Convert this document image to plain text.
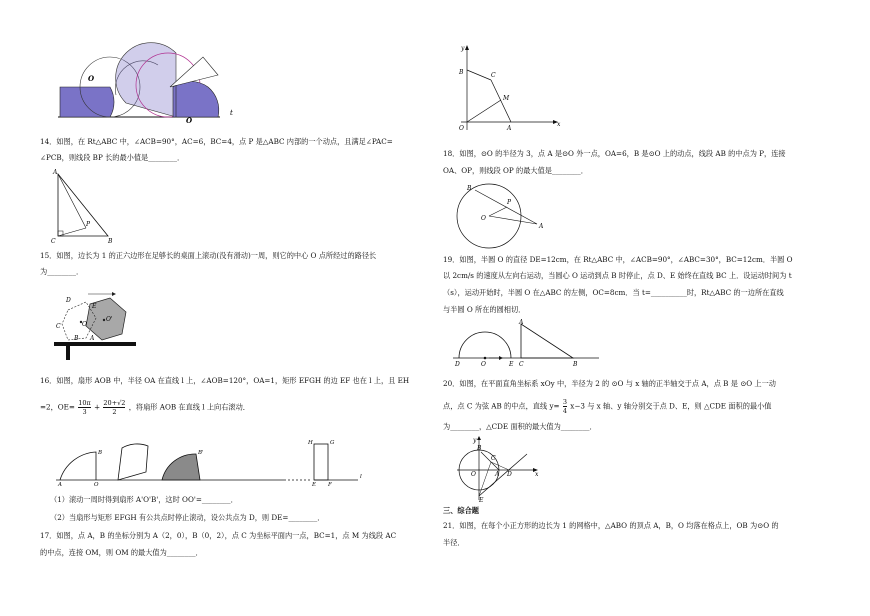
O
O
t
14．如图，在 Rt△ABC 中，∠ACB=90°，AC=6，BC=4，点 P 是△ABC 内部的一个动点，且满足∠PAC=
∠PCB，则线段 BP 长的最小值是________．
A
C	B
P
15．如图，边长为 1 的正六边形在足够长的桌面上滚动(没有滑动)一周，则它的中心 O 点所经过的路径长
为________．
D
E
C	O
O'
B A
16．如图，扇形 AOB 中，半径 OA 在直线 l 上，∠AOB=120°，OA=1，矩形 EFGH 的边 EF 也在 l 上，且 EH
=2，$OE= \frac{10\pi}{3} + \frac{20+√2}{2}$ ，将扇形 AOB 在直线 l 上向右滚动．
A	O
B	B'
H	G
E F
l
（1）滚动一周时得到扇形 A'O'B'，这时 OO'=________．
（2）当扇形与矩形 EFGH 有公共点时停止滚动，设公共点为 D，则 DE=________．
17．如图，点 A，B 的坐标分别为 A（2，0），B（0，2），点 C 为坐标平面内一点，BC=1，点 M 为线段 AC
的中点，连接 OM，则 OM 的最大值为________．
y
x
B	C
M
O	A
18．如图，⊙O 的半径为 3，点 A 是⊙O 外一点，OA=6，B 是⊙O 上的动点，线段 AB 的中点为 P，连接
OA、OP，则线段 OP 的最大值是________．
B
P
O
A
19．如图，半圆 O 的直径 DE=12cm，在 Rt△ABC 中，∠ACB=90°，∠ABC=30°，BC=12cm．半圆 O
以 2cm/s 的速度从左向右运动，当圆心 O 运动到点 B 时停止，点 D、E 始终在直线 BC 上．设运动时间为 t
（s），运动开始时，半圆 O 在△ABC 的左侧，OC=8cm．当 t=__________时，Rt△ABC 的一边所在直线
与半圆 O 所在的圆相切．
D	O	E C
A
B
20．如图，在平面直角坐标系 xOy 中，半径为 2 的 ⊙O 与 x 轴的正半轴交于点 A，点 B 是 ⊙O 上一动
点，点 C 为弦 AB 的中点，直线 $y= \frac{3}{4} x-3$ 与 x 轴、y 轴分别交于点 D、E，则 △CDE 面积的最小值
为________，△CDE 面积的最大值为________．
y
x
B
C
O	A D
E
三、综合题
21．如图，在每个小正方形的边长为 1 的网格中，△ABO 的顶点 A，B，O 均落在格点上，OB 为⊙O 的
半径．
